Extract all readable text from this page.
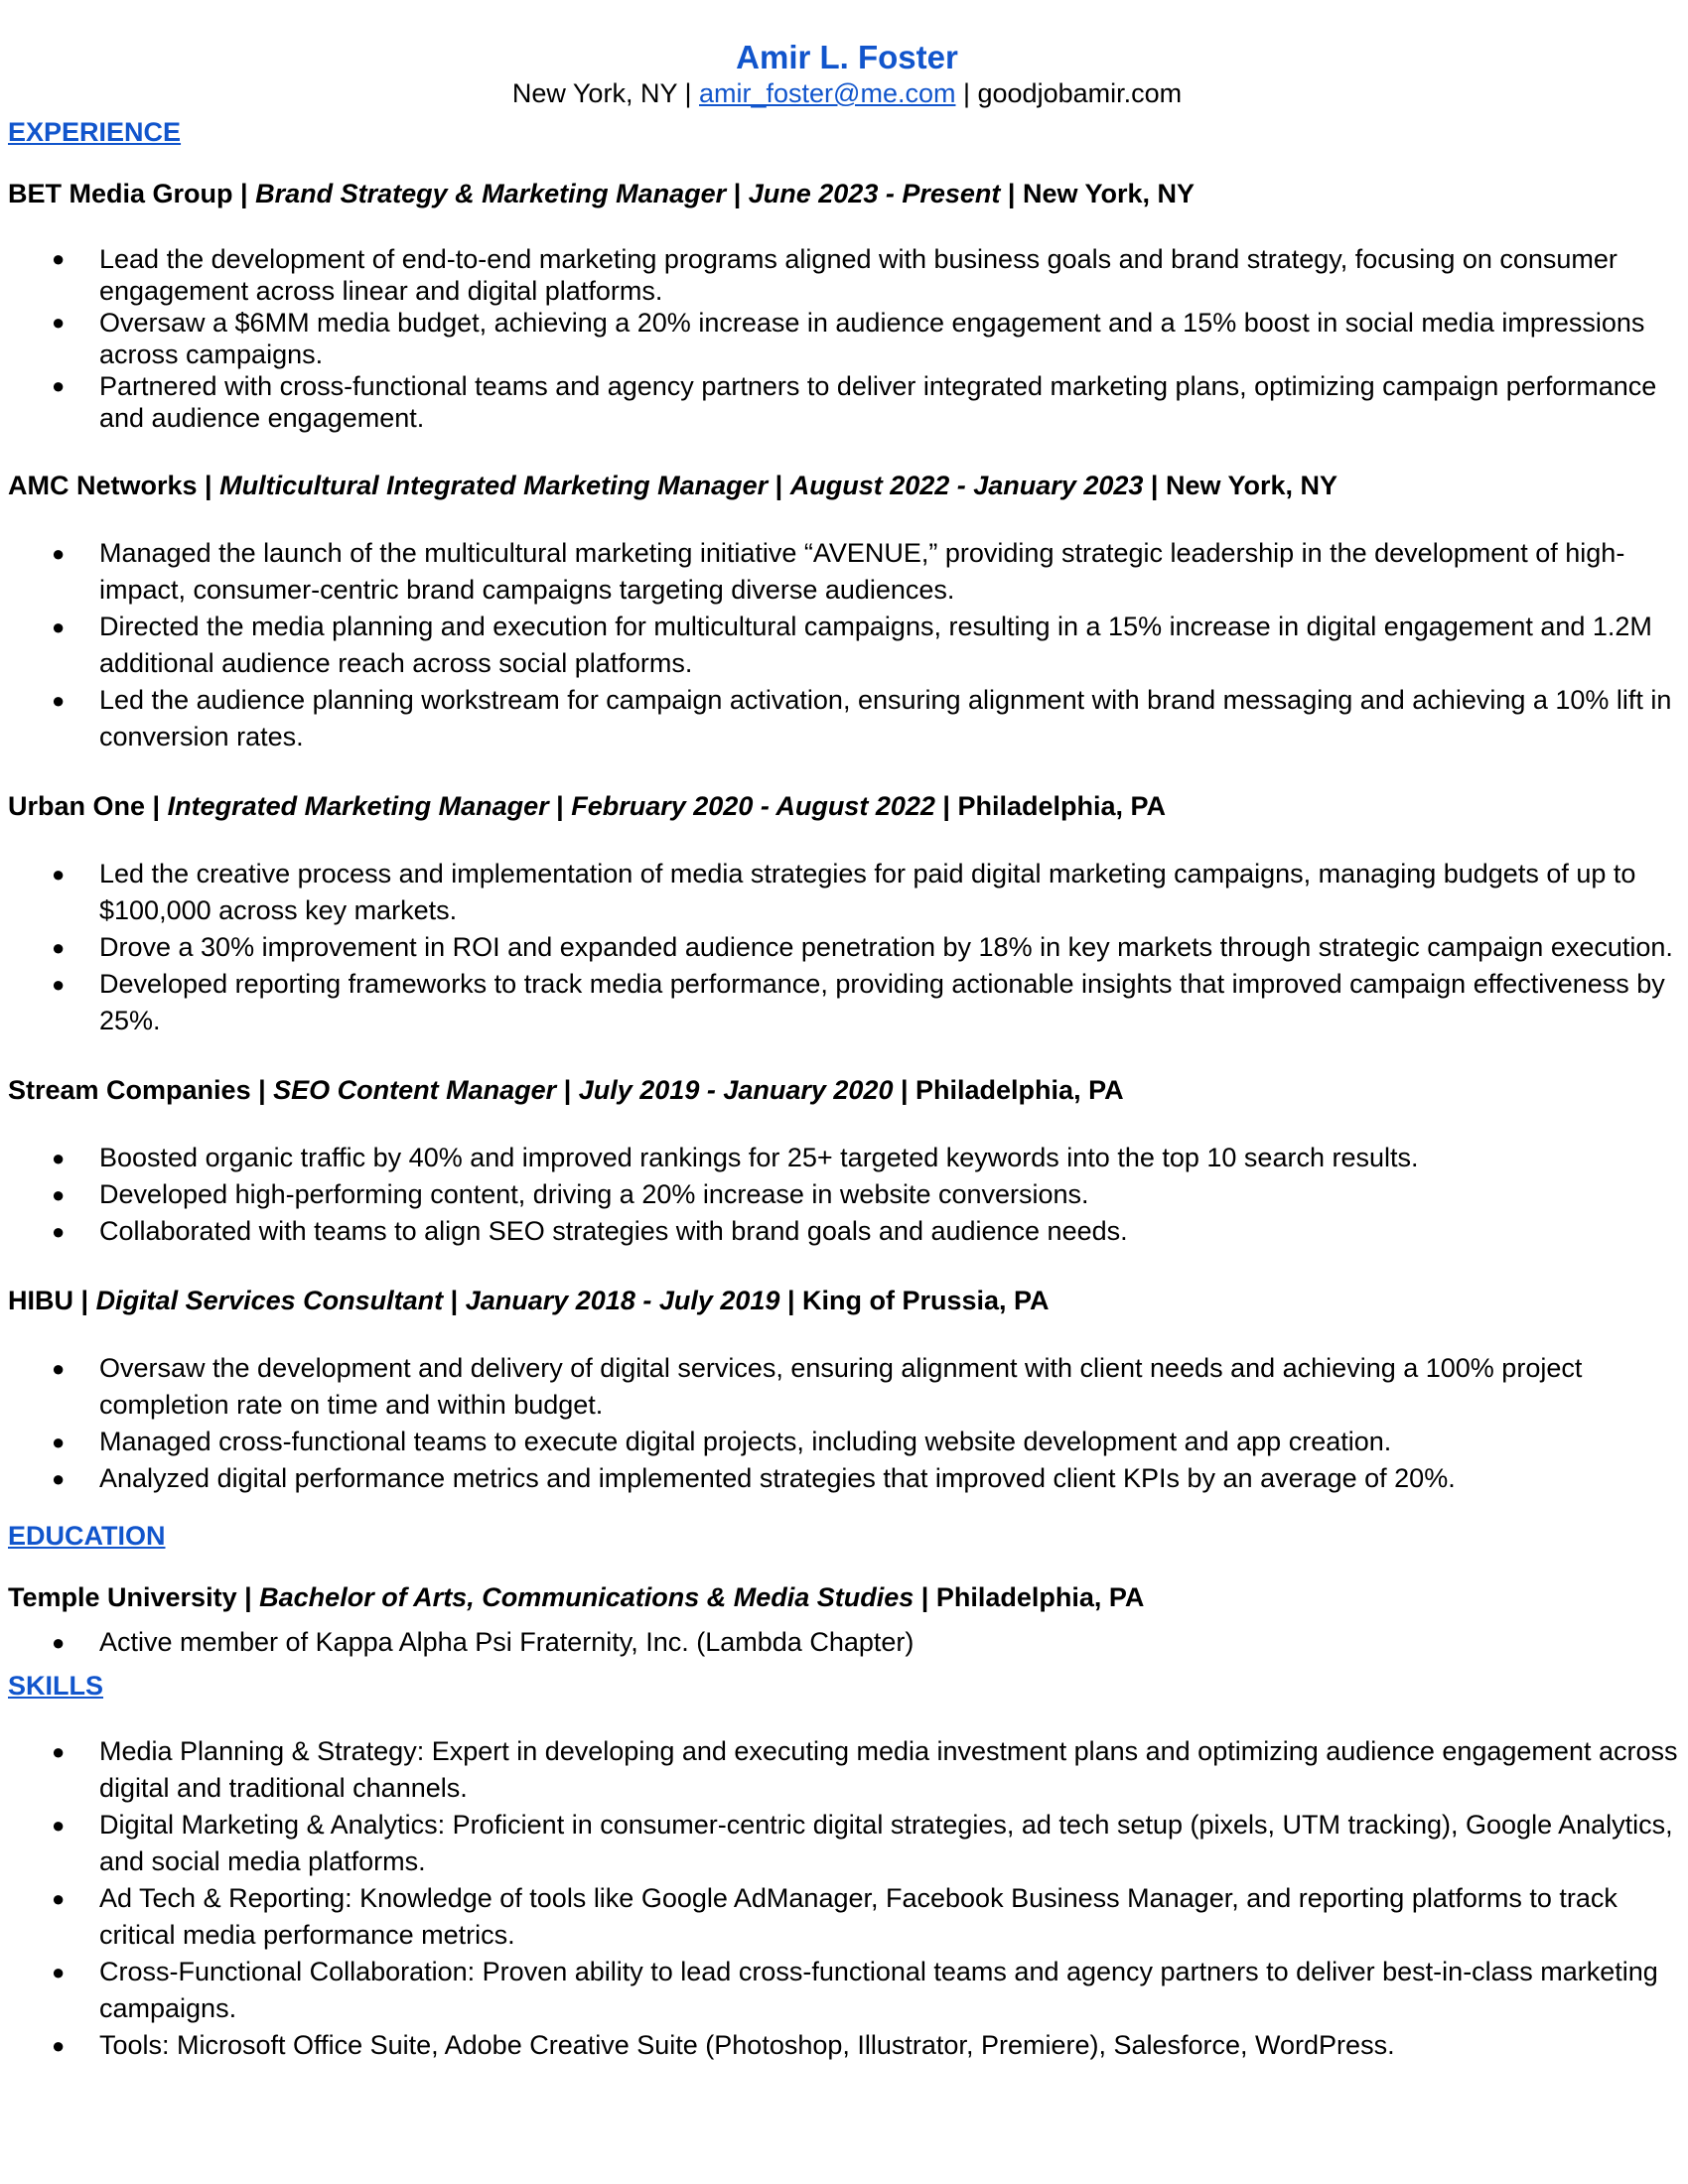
Amir L. Foster
New York, NY | amir_foster@me.com | goodjobamir.com
EXPERIENCE
BET Media Group | Brand Strategy & Marketing Manager | June 2023 - Present | New York, NY
● Lead the development of end-to-end marketing programs aligned with business goals and brand strategy, focusing on consumer engagement across linear and digital platforms.
● Oversaw a $6MM media budget, achieving a 20% increase in audience engagement and a 15% boost in social media impressions across campaigns.
● Partnered with cross-functional teams and agency partners to deliver integrated marketing plans, optimizing campaign performance and audience engagement.
AMC Networks | Multicultural Integrated Marketing Manager | August 2022 - January 2023 | New York, NY
● Managed the launch of the multicultural marketing initiative “AVENUE,” providing strategic leadership in the development of high-impact, consumer-centric brand campaigns targeting diverse audiences.
● Directed the media planning and execution for multicultural campaigns, resulting in a 15% increase in digital engagement and 1.2M additional audience reach across social platforms.
● Led the audience planning workstream for campaign activation, ensuring alignment with brand messaging and achieving a 10% lift in conversion rates.
Urban One | Integrated Marketing Manager | February 2020 - August 2022 | Philadelphia, PA
● Led the creative process and implementation of media strategies for paid digital marketing campaigns, managing budgets of up to $100,000 across key markets.
● Drove a 30% improvement in ROI and expanded audience penetration by 18% in key markets through strategic campaign execution.
● Developed reporting frameworks to track media performance, providing actionable insights that improved campaign effectiveness by 25%.
Stream Companies | SEO Content Manager | July 2019 - January 2020 | Philadelphia, PA
● Boosted organic traffic by 40% and improved rankings for 25+ targeted keywords into the top 10 search results.
● Developed high-performing content, driving a 20% increase in website conversions.
● Collaborated with teams to align SEO strategies with brand goals and audience needs.
HIBU | Digital Services Consultant | January 2018 - July 2019 | King of Prussia, PA
● Oversaw the development and delivery of digital services, ensuring alignment with client needs and achieving a 100% project completion rate on time and within budget.
● Managed cross-functional teams to execute digital projects, including website development and app creation.
● Analyzed digital performance metrics and implemented strategies that improved client KPIs by an average of 20%.
EDUCATION
Temple University | Bachelor of Arts, Communications & Media Studies | Philadelphia, PA
● Active member of Kappa Alpha Psi Fraternity, Inc. (Lambda Chapter)
SKILLS
● Media Planning & Strategy: Expert in developing and executing media investment plans and optimizing audience engagement across digital and traditional channels.
● Digital Marketing & Analytics: Proficient in consumer-centric digital strategies, ad tech setup (pixels, UTM tracking), Google Analytics, and social media platforms.
● Ad Tech & Reporting: Knowledge of tools like Google AdManager, Facebook Business Manager, and reporting platforms to track critical media performance metrics.
● Cross-Functional Collaboration: Proven ability to lead cross-functional teams and agency partners to deliver best-in-class marketing campaigns.
● Tools: Microsoft Office Suite, Adobe Creative Suite (Photoshop, Illustrator, Premiere), Salesforce, WordPress.
